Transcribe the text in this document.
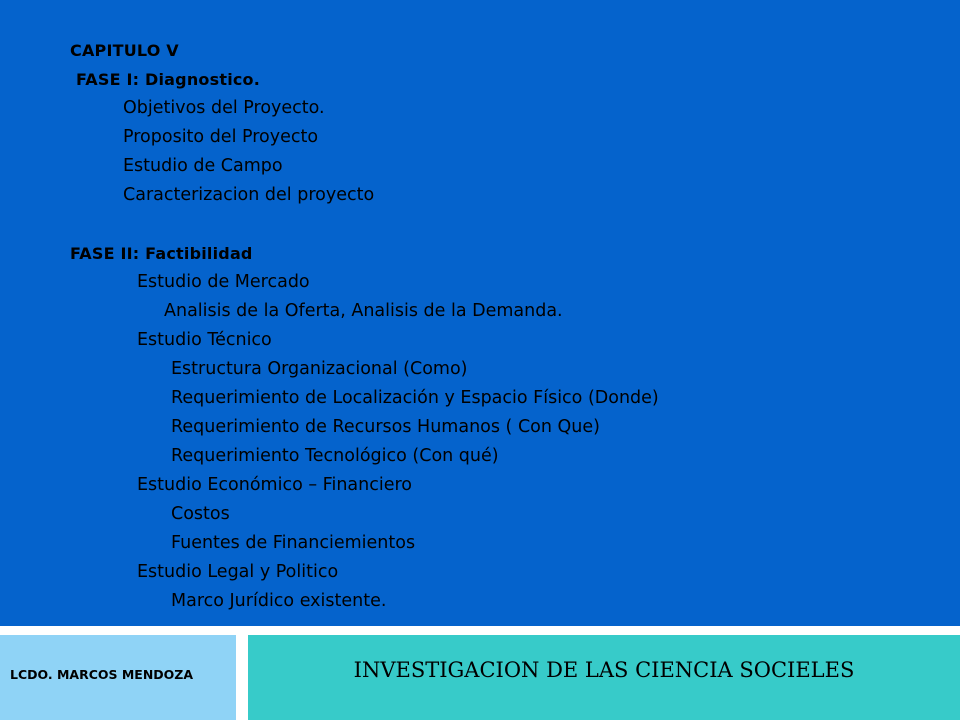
CAPITULO V
FASE I: Diagnostico.
Objetivos del Proyecto.
Proposito del Proyecto
Estudio de Campo
Caracterizacion del proyecto
FASE II: Factibilidad
Estudio de Mercado
Analisis de la Oferta, Analisis de la Demanda.
Estudio Técnico
Estructura Organizacional (Como)
Requerimiento de Localización y Espacio Físico (Donde)
Requerimiento de Recursos Humanos ( Con Que)
Requerimiento Tecnológico (Con qué)
Estudio Económico – Financiero
Costos
Fuentes de Financiemientos
Estudio Legal y Politico
Marco Jurídico existente.
LCDO. MARCOS MENDOZA	INVESTIGACION DE LAS CIENCIA SOCIELES
